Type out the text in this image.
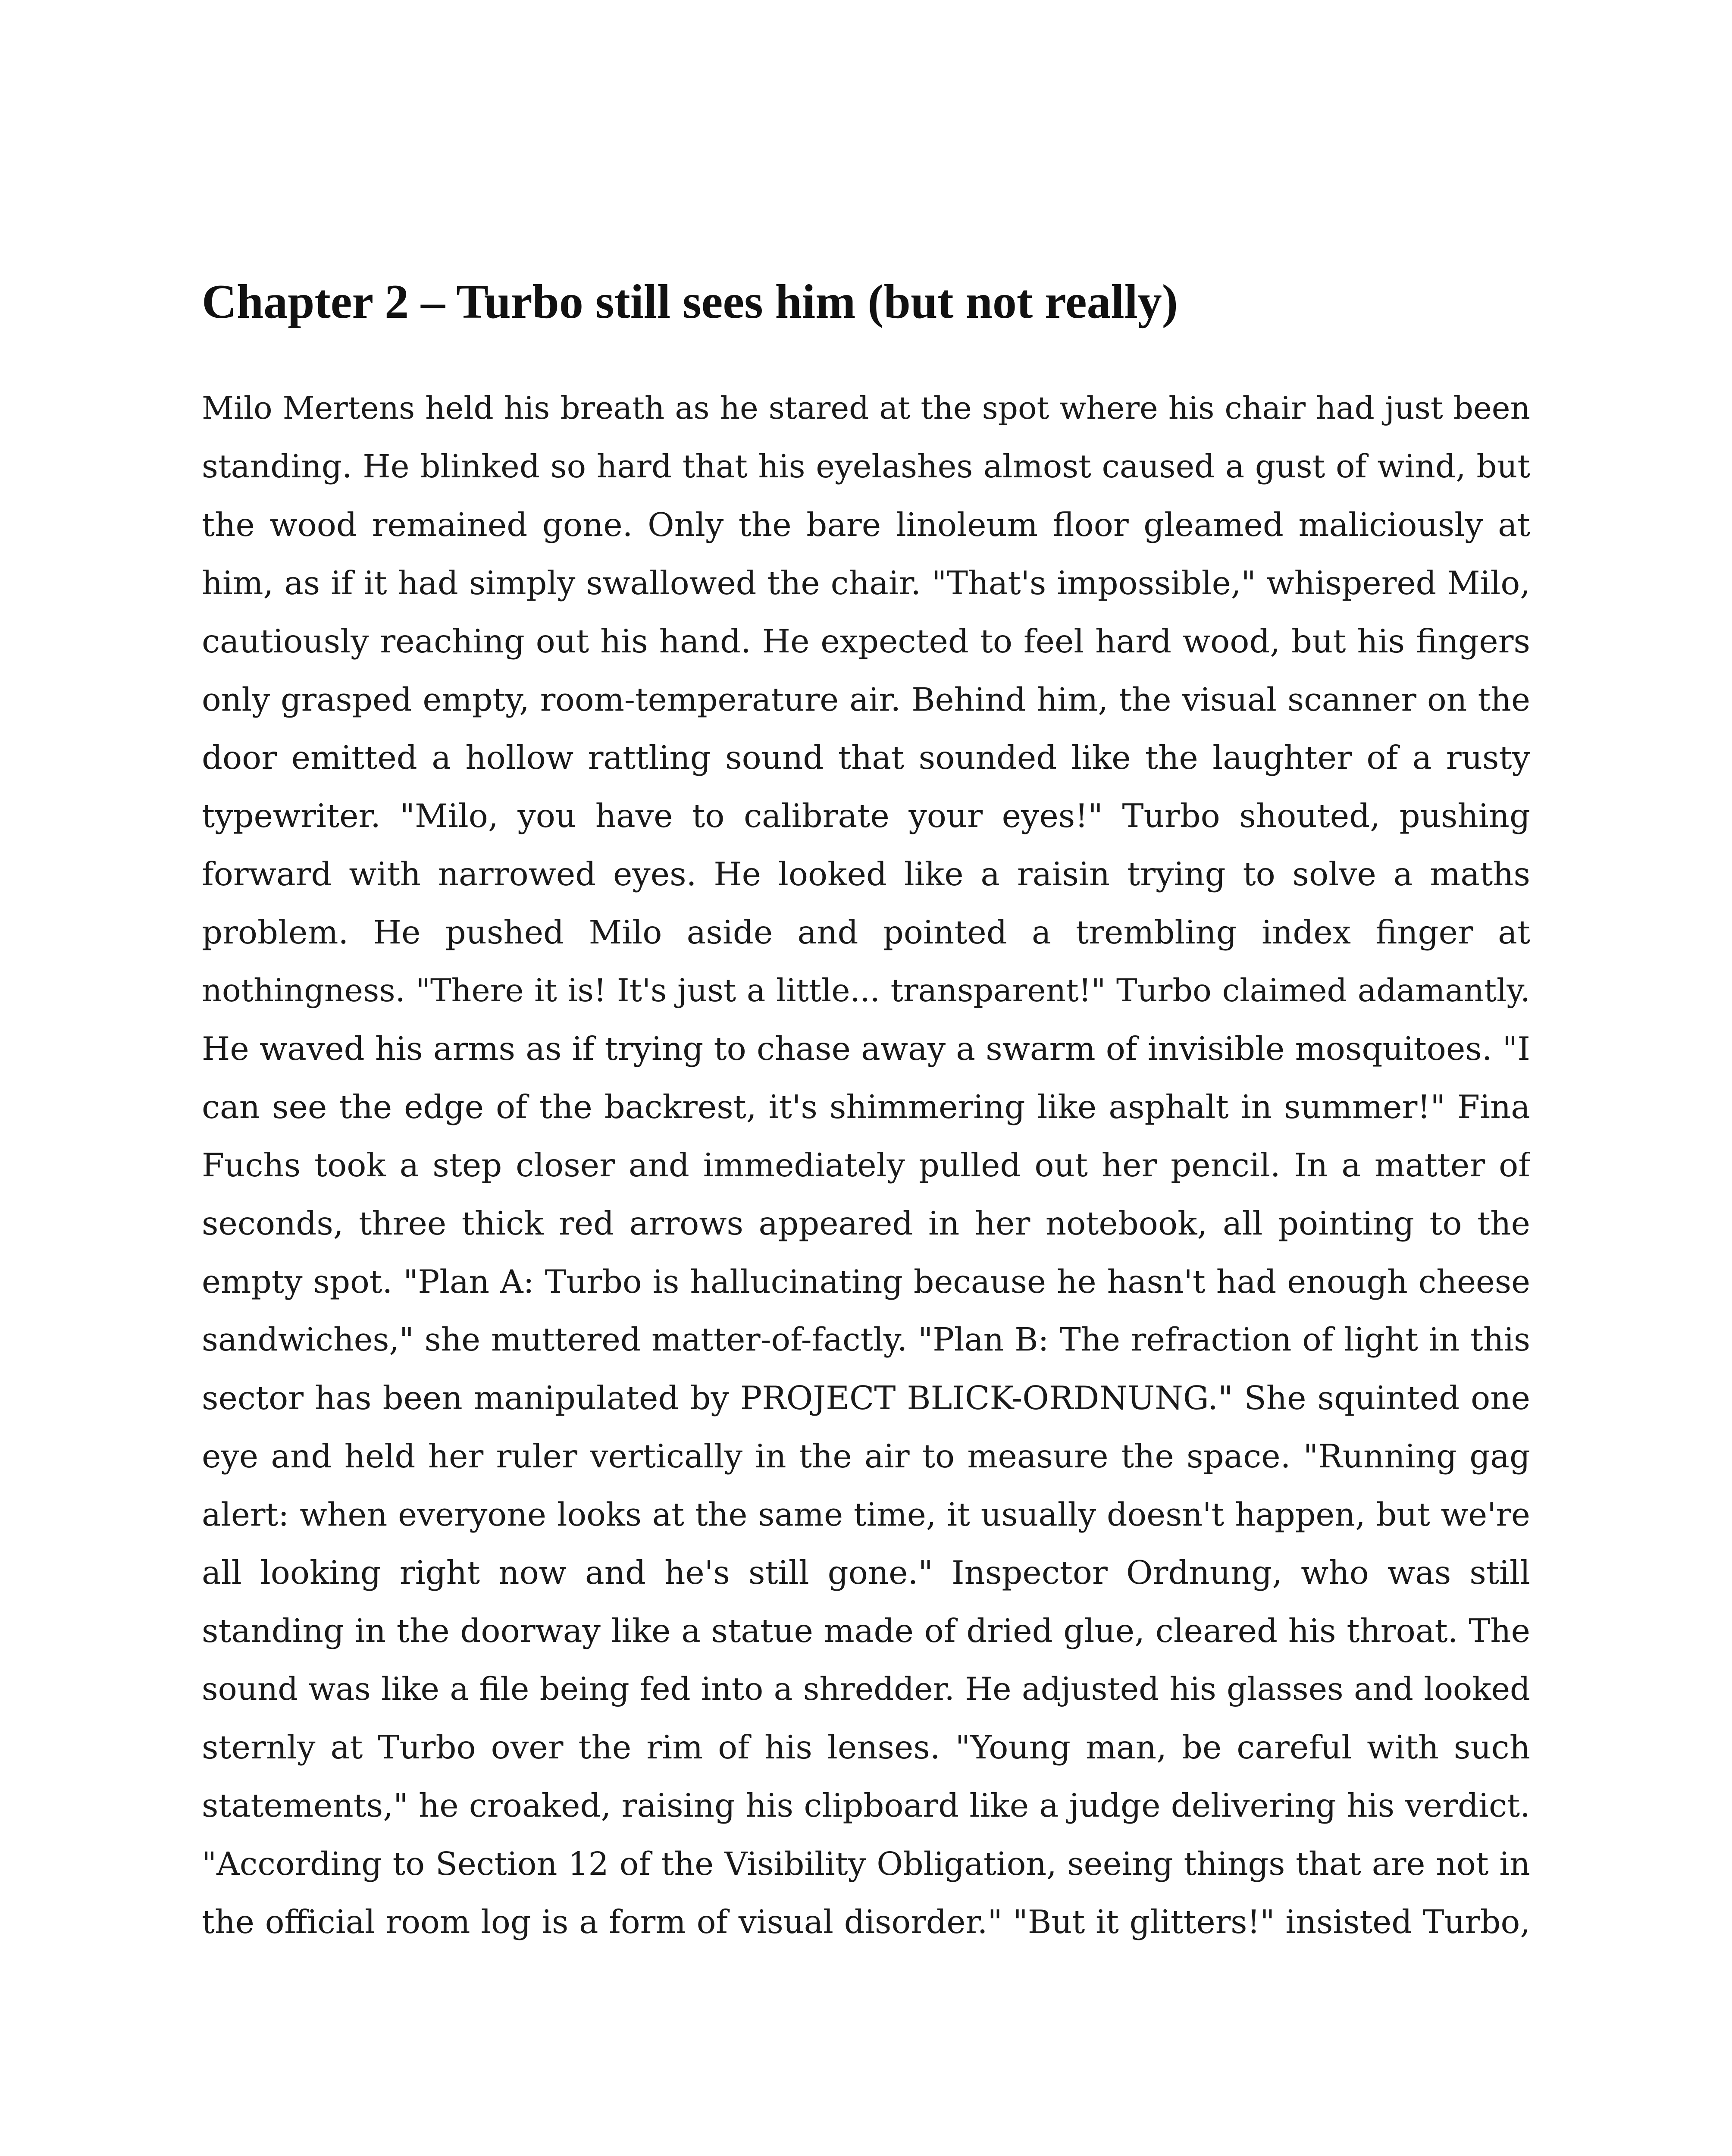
Chapter 2 – Turbo still sees him (but not really)
Milo Mertens held his breath as he stared at the spot where his chair had just been
standing. He blinked so hard that his eyelashes almost caused a gust of wind, but
the wood remained gone. Only the bare linoleum floor gleamed maliciously at
him, as if it had simply swallowed the chair. "That's impossible," whispered Milo,
cautiously reaching out his hand. He expected to feel hard wood, but his fingers
only grasped empty, room-temperature air. Behind him, the visual scanner on the
door emitted a hollow rattling sound that sounded like the laughter of a rusty
typewriter. "Milo, you have to calibrate your eyes!" Turbo shouted, pushing
forward with narrowed eyes. He looked like a raisin trying to solve a maths
problem. He pushed Milo aside and pointed a trembling index finger at
nothingness. "There it is! It's just a little... transparent!" Turbo claimed adamantly.
He waved his arms as if trying to chase away a swarm of invisible mosquitoes. "I
can see the edge of the backrest, it's shimmering like asphalt in summer!" Fina
Fuchs took a step closer and immediately pulled out her pencil. In a matter of
seconds, three thick red arrows appeared in her notebook, all pointing to the
empty spot. "Plan A: Turbo is hallucinating because he hasn't had enough cheese
sandwiches," she muttered matter-of-factly. "Plan B: The refraction of light in this
sector has been manipulated by PROJECT BLICK-ORDNUNG." She squinted one
eye and held her ruler vertically in the air to measure the space. "Running gag
alert: when everyone looks at the same time, it usually doesn't happen, but we're
all looking right now and he's still gone." Inspector Ordnung, who was still
standing in the doorway like a statue made of dried glue, cleared his throat. The
sound was like a file being fed into a shredder. He adjusted his glasses and looked
sternly at Turbo over the rim of his lenses. "Young man, be careful with such
statements," he croaked, raising his clipboard like a judge delivering his verdict.
"According to Section 12 of the Visibility Obligation, seeing things that are not in
the official room log is a form of visual disorder." "But it glitters!" insisted Turbo,
